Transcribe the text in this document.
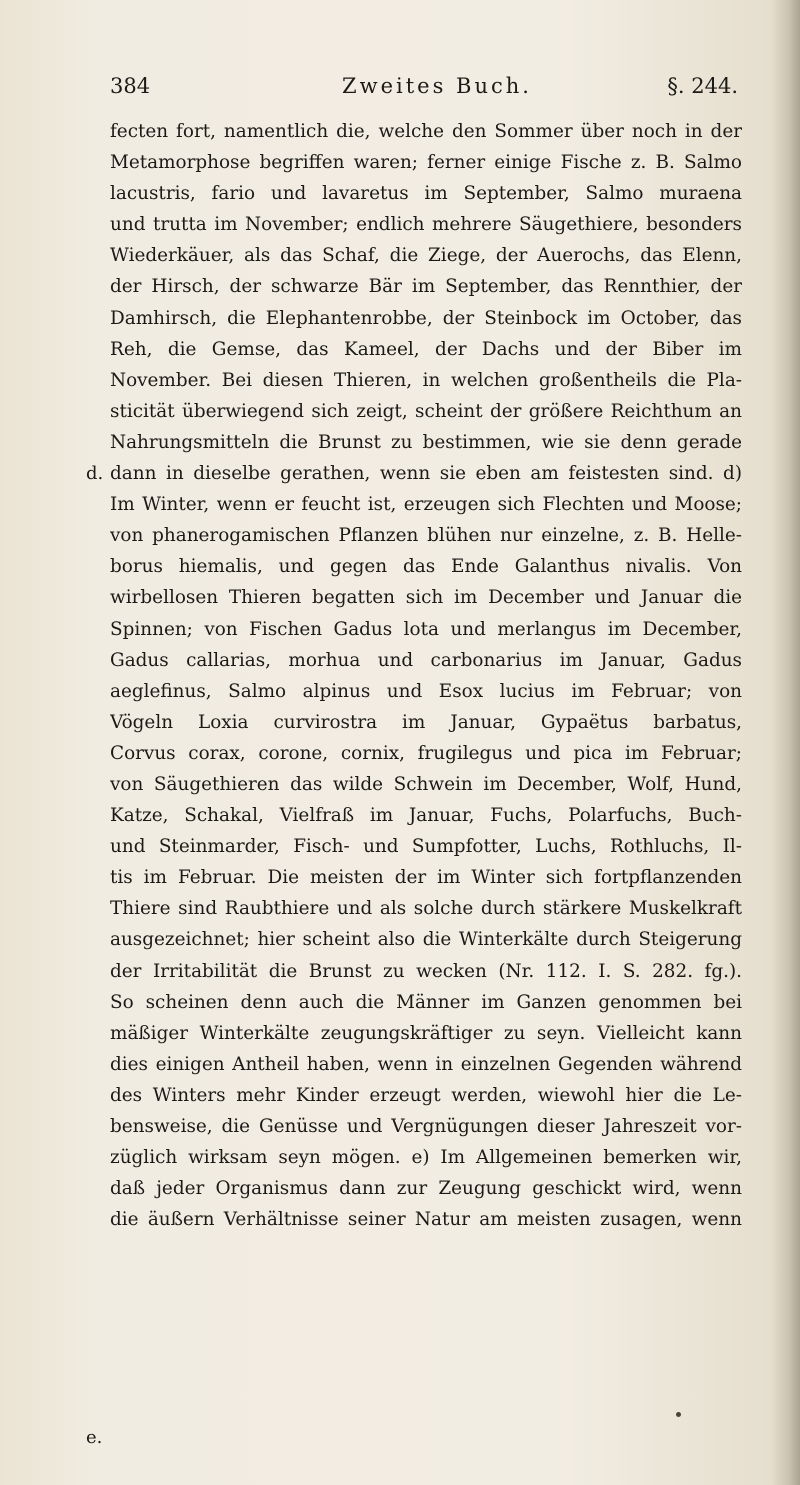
384	Zweites Buch.	§. 244.
d.
e.
fecten fort, namentlich die, welche den Sommer über noch in der
Metamorphose begriffen waren; ferner einige Fische z. B. Salmo
lacustris, fario und lavaretus im September, Salmo muraena
und trutta im November; endlich mehrere Säugethiere, besonders
Wiederkäuer, als das Schaf, die Ziege, der Auerochs, das Elenn,
der Hirsch, der schwarze Bär im September, das Rennthier, der
Damhirsch, die Elephantenrobbe, der Steinbock im October, das
Reh, die Gemse, das Kameel, der Dachs und der Biber im
November. Bei diesen Thieren, in welchen großentheils die Pla-
sticität überwiegend sich zeigt, scheint der größere Reichthum an
Nahrungsmitteln die Brunst zu bestimmen, wie sie denn gerade
dann in dieselbe gerathen, wenn sie eben am feistesten sind. d)
Im Winter, wenn er feucht ist, erzeugen sich Flechten und Moose;
von phanerogamischen Pflanzen blühen nur einzelne, z. B. Helle-
borus hiemalis, und gegen das Ende Galanthus nivalis. Von
wirbellosen Thieren begatten sich im December und Januar die
Spinnen; von Fischen Gadus lota und merlangus im December,
Gadus callarias, morhua und carbonarius im Januar, Gadus
aeglefinus, Salmo alpinus und Esox lucius im Februar; von
Vögeln Loxia curvirostra im Januar, Gypaëtus barbatus,
Corvus corax, corone, cornix, frugilegus und pica im Februar;
von Säugethieren das wilde Schwein im December, Wolf, Hund,
Katze, Schakal, Vielfraß im Januar, Fuchs, Polarfuchs, Buch-
und Steinmarder, Fisch- und Sumpfotter, Luchs, Rothluchs, Il-
tis im Februar. Die meisten der im Winter sich fortpflanzenden
Thiere sind Raubthiere und als solche durch stärkere Muskelkraft
ausgezeichnet; hier scheint also die Winterkälte durch Steigerung
der Irritabilität die Brunst zu wecken (Nr. 112. I. S. 282. fg.).
So scheinen denn auch die Männer im Ganzen genommen bei
mäßiger Winterkälte zeugungskräftiger zu seyn. Vielleicht kann
dies einigen Antheil haben, wenn in einzelnen Gegenden während
des Winters mehr Kinder erzeugt werden, wiewohl hier die Le-
bensweise, die Genüsse und Vergnügungen dieser Jahreszeit vor-
züglich wirksam seyn mögen. e) Im Allgemeinen bemerken wir,
daß jeder Organismus dann zur Zeugung geschickt wird, wenn
die äußern Verhältnisse seiner Natur am meisten zusagen, wenn
